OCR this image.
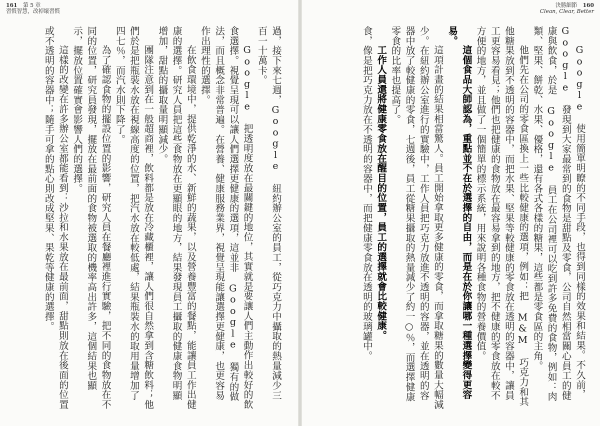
161 第 5 章
習慣智慧，改掉壞習慣

過，接下來七週，Google 紐約辦公室的員工，從巧克力中攝取的熱量減少三百一十萬卡。

Google 把透明度放在最關鍵的地位，其實就是要讓人們主動作出較好的飲食選擇。視覺呈現可以讓人們選擇更健康的選項，這並非 Google 獨有的做法，而且概念非常普遍。在營養、健康服務業界，視覺呈現能讓選擇更健康，也更容易作出理性的選擇。

在飲食環境中，提供乾淨的水、新鮮的蔬果，以及營養豐富的餐點，能讓員工作出健康的選擇。研究人員把這些食物放在更顯眼的地方，結果發現員工攝取的健康食物明顯增加，甜點的攝取量明顯減少。

團隊注意到在一般超商裡，飲料都是放在冷藏櫃裡，讓人們很自然拿到含糖飲料；他們於是把瓶裝水放在視線高度的位置，把汽水放在較低處，結果瓶裝水的取用量增加了四七％，而汽水則下降了。

為了確認食物的擺設位置的影響，研究人員在餐廳裡進行實驗，把不同的食物放在不同的位置，研究員發現，擺放在最前面的食物被選取的機率高出許多，這個結果也顯示，擺放位置確實會影響人們的選擇。

這樣的改變在許多辦公室都能看到：沙拉和水果放在最前面，甜點則放在後面的位置或不透明的容器中；隨手可拿的點心則改成堅果、果乾等健康的選擇。

決勝細節 160
Clean, Clear, Better

Google 使用簡單明瞭的不同手段，也得到同樣的效果和結果。不久前，Google 發現到大家最常到的食物是甜點及零食，公司自然相當關心員工的健康與飲食，於是 Google 員工在公司裡可以吃到許多免費的食物，例如：肉類、堅果、餅乾、水果、優格，還有各式各樣的糖果，這些都是零食區的主角。

他們先在公司的零食區換上一些比較健康的選項，例如：把 M&M 巧克力和其他糖果放到不透明的容器中，而把水果、堅果等較健康的零食放在透明的容器中，讓員工更容易看見；他們也把健康的食物放在最容易拿到的地方，把不健康的零食放在較不方便的地方，並且做了一個簡單的標示系統，用來說明各種食物的營養價值。

這個食品大師認為，重點並不在於選擇的自由，而是在於你讓哪一種選擇變得更容易。

這項計畫的結果相當驚人。員工開始拿取更多健康的零食，而拿取糖果的數量大幅減少。在紐約辦公室進行的實驗中，工作人員把巧克力放進不透明的容器，並在透明的容器中放了較健康的零食，七週後，員工從糖果攝取的熱量減少了約一○％，而選擇健康零食的比率也提高了。

工作人員還將健康零食放在醒目的位置，員工的選擇就會比較健康。

食，像是把巧克力放在不透明的容器中，而把健康零食放在透明的玻璃罐中。
